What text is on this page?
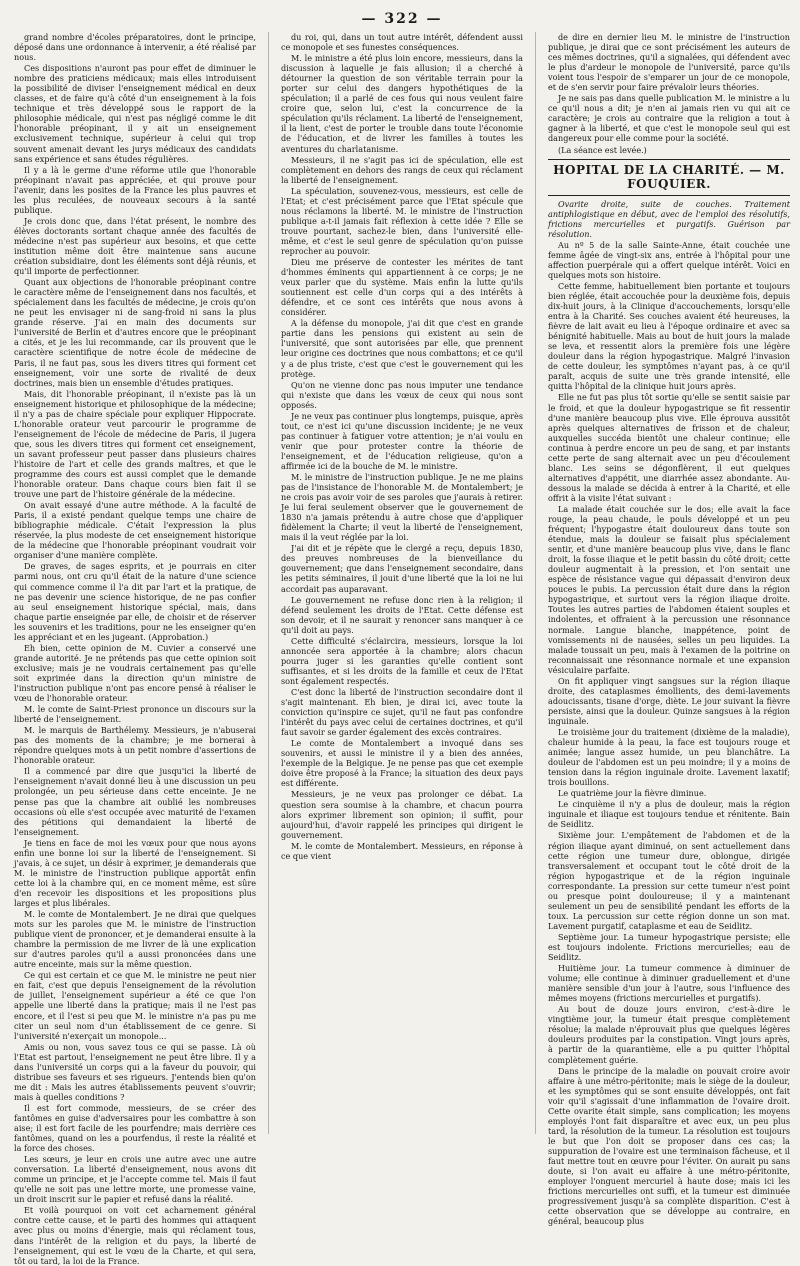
— 322 —

grand nombre d'écoles préparatoires, dont le principe, déposé dans une ordonnance à intervenir, a été réalisé par nous.

Ces dispositions n'auront pas pour effet de diminuer le nombre des praticiens médicaux; mais elles introduisent la possibilité de diviser l'enseignement médical en deux classes, et de faire qu'à côté d'un enseignement à la fois technique et très développé sous le rapport de la philosophie médicale, qui n'est pas négligé comme le dit l'honorable préopinant, il y ait un enseignement exclusivement technique, supérieur à celui qui trop souvent amenait devant les jurys médicaux des candidats sans expérience et sans études régulières.

Il y a là le germe d'une réforme utile que l'honorable préopinant n'avait pas appréciée, et qui prouve pour l'avenir, dans les posites de la France les plus pauvres et les plus reculées, de nouveaux secours à la santé publique.

Je crois donc que, dans l'état présent, le nombre des élèves doctorants sortant chaque année des facultés de médecine n'est pas supérieur aux besoins, et que cette institution même doit être maintenue sans aucune création subsidiaire, dont les éléments sont déjà réunis, et qu'il importe de perfectionner.

Quant aux objections de l'honorable préopinant contre le caractère même de l'enseignement dans nos facultés, et spécialement dans les facultés de médecine, je crois qu'on ne peut les envisager ni de sang-froid ni sans la plus grande réserve. J'ai en main des documents sur l'université de Berlin et d'autres encore que le préopinant a cités, et je les lui recommande, car ils prouvent que le caractère scientifique de notre école de médecine de Paris, il ne faut pas, sous les divers titres qui forment cet enseignement, voir une sorte de rivalité de deux doctrines, mais bien un ensemble d'études pratiques.

Mais, dit l'honorable préopinant, il n'existe pas là un enseignement historique et philosophique de la médecine; il n'y a pas de chaire spéciale pour expliquer Hippocrate. L'honorable orateur veut parcourir le programme de l'enseignement de l'école de médecine de Paris, il jugera que, sous les divers titres qui forment cet enseignement, un savant professeur peut passer dans plusieurs chaires l'histoire de l'art et celle des grands maîtres, et que le programme des cours est aussi complet que le demande l'honorable orateur. Dans chaque cours bien fait il se trouve une part de l'histoire générale de la médecine.

On avait essayé d'une autre méthode. A la faculté de Paris, il a existé pendant quelque temps une chaire de bibliographie médicale. C'était l'expression la plus réservée, la plus modeste de cet enseignement historique de la médecine que l'honorable préopinant voudrait voir organiser d'une manière complète.

De graves, de sages esprits, et je pourrais en citer parmi nous, ont cru qu'il était de la nature d'une science qui commence comme il l'a dit par l'art et la pratique, de ne pas devenir une science historique, de ne pas confier au seul enseignement historique spécial, mais, dans chaque partie enseignée par elle, de choisir et de réserver les souvenirs et les traditions, pour ne les enseigner qu'en les appréciant et en les jugeant. (Approbation.)

Eh bien, cette opinion de M. Cuvier a conservé une grande autorité. Je ne prétends pas que cette opinion soit exclusive; mais je ne voudrais certainement pas qu'elle soit exprimée dans la direction qu'un ministre de l'instruction publique n'ont pas encore pensé à réaliser le vœu de l'honorable orateur.

M. le comte de Saint-Priest prononce un discours sur la liberté de l'enseignement.

M. le marquis de Barthélemy. Messieurs, je n'abuserai pas des moments de la chambre; je me bornerai à répondre quelques mots à un petit nombre d'assertions de l'honorable orateur.

Il a commencé par dire que jusqu'ici la liberté de l'enseignement n'avait donné lieu à une discussion un peu prolongée, un peu sérieuse dans cette enceinte. Je ne pense pas que la chambre ait oublié les nombreuses occasions où elle s'est occupée avec maturité de l'examen des pétitions qui demandaient la liberté de l'enseignement.

Je tiens en face de moi les vœux pour que nous ayons enfin une bonne loi sur la liberté de l'enseignement. Si j'avais, à ce sujet, un désir à exprimer, je demanderais que M. le ministre de l'instruction publique apportât enfin cette loi à la chambre qui, en ce moment même, est sûre d'en recevoir les dispositions et les propositions plus larges et plus libérales.

M. le comte de Montalembert. Je ne dirai que quelques mots sur les paroles que M. le ministre de l'instruction publique vient de prononcer, et je demanderai ensuite à la chambre la permission de me livrer de là une explication sur d'autres paroles qu'il a aussi prononcées dans une autre enceinte, mais sur la même question.

Ce qui est certain et ce que M. le ministre ne peut nier en fait, c'est que depuis l'enseignement de la révolution de juillet, l'enseignement supérieur a été ce que l'on appelle une liberté dans la pratique; mais il ne l'est pas encore, et il l'est si peu que M. le ministre n'a pas pu me citer un seul nom d'un établissement de ce genre. Si l'université n'exerçait un monopole...

Amis ou non, vous savez tous ce qui se passe. Là où l'Etat est partout, l'enseignement ne peut être libre. Il y a dans l'université un corps qui a la faveur du pouvoir, qui distribue ses faveurs et ses rigueurs. J'entends bien qu'on me dit : Mais les autres établissements peuvent s'ouvrir; mais à quelles conditions ?

Il est fort commode, messieurs, de se créer des fantômes en guise d'adversaires pour les combattre à son aise; il est fort facile de les pourfendre; mais derrière ces fantômes, quand on les a pourfendus, il reste la réalité et la force des choses.

Les sœurs, je leur en crois une autre avec une autre conversation. La liberté d'enseignement, nous avons dit comme un principe, et je l'accepte comme tel. Mais il faut qu'elle ne soit pas une lettre morte, une promesse vaine, un droit inscrit sur le papier et refusé dans la réalité.

Et voilà pourquoi on voit cet acharnement général contre cette cause, et le parti des hommes qui attaquent avec plus ou moins d'énergie, mais qui réclament tous, dans l'intérêt de la religion et du pays, la liberté de l'enseignement, qui est le vœu de la Charte, et qui sera, tôt ou tard, la loi de la France.

du roi, qui, dans un tout autre intérêt, défendent aussi ce monopole et ses funestes conséquences.

M. le ministre a été plus loin encore, messieurs, dans la discussion à laquelle je fais allusion; il a cherché à détourner la question de son véritable terrain pour la porter sur celui des dangers hypothétiques de la spéculation; il a parlé de ces fous qui nous veulent faire croire que, selon lui, c'est la concurrence de la spéculation qu'ils réclament. La liberté de l'enseignement, il la lient, c'est de porter le trouble dans toute l'économie de l'éducation, et de livrer les familles à toutes les aventures du charlatanisme.

Messieurs, il ne s'agit pas ici de spéculation, elle est complètement en dehors des rangs de ceux qui réclament la liberté de l'enseignement.

La spéculation, souvenez-vous, messieurs, est celle de l'Etat; et c'est précisément parce que l'Etat spécule que nous réclamons la liberté. M. le ministre de l'instruction publique a-t-il jamais fait réflexion à cette idée ? Elle se trouve pourtant, sachez-le bien, dans l'université elle-même, et c'est le seul genre de spéculation qu'on puisse reprocher au pouvoir.

Dieu me préserve de contester les mérites de tant d'hommes éminents qui appartiennent à ce corps; je ne veux parler que du système. Mais enfin la lutte qu'ils soutiennent est celle d'un corps qui a des intérêts à défendre, et ce sont ces intérêts que nous avons à considérer.

A la défense du monopole, j'ai dit que c'est en grande partie dans les pensions qui existent au sein de l'université, que sont autorisées par elle, que prennent leur origine ces doctrines que nous combattons; et ce qu'il y a de plus triste, c'est que c'est le gouvernement qui les protège.

Qu'on ne vienne donc pas nous imputer une tendance qui n'existe que dans les vœux de ceux qui nous sont opposés.

Je ne veux pas continuer plus longtemps, puisque, après tout, ce n'est ici qu'une discussion incidente; je ne veux pas continuer à fatiguer votre attention; je n'ai voulu en venir que pour protester contre la théorie de l'enseignement, et de l'éducation religieuse, qu'on a affirmée ici de la bouche de M. le ministre.

M. le ministre de l'instruction publique. Je ne me plains pas de l'insistance de l'honorable M. de Montalembert; je ne crois pas avoir voir de ses paroles que j'aurais à retirer. Je lui ferai seulement observer que le gouvernement de 1830 n'a jamais prétendu à autre chose que d'appliquer fidèlement la Charte; il veut la liberté de l'enseignement, mais il la veut réglée par la loi.

J'ai dit et je répète que le clergé a reçu, depuis 1830, des preuves nombreuses de la bienveillance du gouvernement; que dans l'enseignement secondaire, dans les petits séminaires, il jouit d'une liberté que la loi ne lui accordait pas auparavant.

Le gouvernement ne refuse donc rien à la religion; il défend seulement les droits de l'Etat. Cette défense est son devoir, et il ne saurait y renoncer sans manquer à ce qu'il doit au pays.

Cette difficulté s'éclaircira, messieurs, lorsque la loi annoncée sera apportée à la chambre; alors chacun pourra juger si les garanties qu'elle contient sont suffisantes, et si les droits de la famille et ceux de l'Etat sont également respectés.

C'est donc la liberté de l'instruction secondaire dont il s'agit maintenant. Eh bien, je dirai ici, avec toute la conviction qu'inspire ce sujet, qu'il ne faut pas confondre l'intérêt du pays avec celui de certaines doctrines, et qu'il faut savoir se garder également des excès contraires.

Le comte de Montalembert a invoqué dans ses souvenirs, et aussi le ministre il y a bien des années, l'exemple de la Belgique. Je ne pense pas que cet exemple doive être proposé à la France; la situation des deux pays est différente.

Messieurs, je ne veux pas prolonger ce débat. La question sera soumise à la chambre, et chacun pourra alors exprimer librement son opinion; il suffit, pour aujourd'hui, d'avoir rappelé les principes qui dirigent le gouvernement.

M. le comte de Montalembert. Messieurs, en réponse à ce que vient

de dire en dernier lieu M. le ministre de l'instruction publique, je dirai que ce sont précisément les auteurs de ces mêmes doctrines, qu'il a signalées, qui défendent avec le plus d'ardeur le monopole de l'université, parce qu'ils voient tous l'espoir de s'emparer un jour de ce monopole, et de s'en servir pour faire prévaloir leurs théories.

Je ne sais pas dans quelle publication M. le ministre a lu ce qu'il nous a dit; je n'en ai jamais rien vu qui ait ce caractère; je crois au contraire que la religion a tout à gagner à la liberté, et que c'est le monopole seul qui est dangereux pour elle comme pour la société.

(La séance est levée.)

HOPITAL DE LA CHARITÉ. — M. FOUQUIER.

Ovarite droite, suite de couches. Traitement antiphlogistique en début, avec de l'emploi des résolutifs, frictions mercurielles et purgatifs. Guérison par résolution.

Au nº 5 de la salle Sainte-Anne, était couchée une femme âgée de vingt-six ans, entrée à l'hôpital pour une affection puerpérale qui a offert quelque intérêt. Voici en quelques mots son histoire.

Cette femme, habituellement bien portante et toujours bien réglée, était accouchée pour la deuxième fois, depuis dix-huit jours, à la Clinique d'accouchements, lorsqu'elle entra à la Charité. Ses couches avaient été heureuses, la fièvre de lait avait eu lieu à l'époque ordinaire et avec sa bénignité habituelle. Mais au bout de huit jours la malade se leva, et ressentit alors la première fois une légère douleur dans la région hypogastrique. Malgré l'invasion de cette douleur, les symptômes n'ayant pas, à ce qu'il paraît, acquis de suite une très grande intensité, elle quitta l'hôpital de la clinique huit jours après.

Elle ne fut pas plus tôt sortie qu'elle se sentit saisie par le froid, et que la douleur hypogastrique se fit ressentir d'une manière beaucoup plus vive. Elle éprouva aussitôt après quelques alternatives de frisson et de chaleur, auxquelles succéda bientôt une chaleur continue; elle continua à perdre encore un peu de sang, et par instants cette perte de sang alternait avec un peu d'écoulement blanc. Les seins se dégonflèrent, il eut quelques alternatives d'appétit, une diarrhée assez abondante. Au-dessous la malade se décida à entrer à la Charité, et elle offrit à la visite l'état suivant :

La malade était couchée sur le dos; elle avait la face rouge, la peau chaude, le pouls développé et un peu fréquent; l'hypogastre était douloureux dans toute son étendue, mais la douleur se faisait plus spécialement sentir, et d'une manière beaucoup plus vive, dans le flanc droit, la fosse iliaque et le petit bassin du côté droit; cette douleur augmentait à la pression, et l'on sentait une espèce de résistance vague qui dépassait d'environ deux pouces le pubis. La percussion était dure dans la région hypogastrique, et surtout vers la région iliaque droite. Toutes les autres parties de l'abdomen étaient souples et indolentes, et offraient à la percussion une résonnance normale. Langue blanche, inappétence, point de vomissements ni de nausées, selles un peu liquides. La malade toussait un peu, mais à l'examen de la poitrine on reconnaissait une résonnance normale et une expansion vésiculaire parfaite.

On fit appliquer vingt sangsues sur la région iliaque droite, des cataplasmes émollients, des demi-lavements adoucissants, tisane d'orge, diète. Le jour suivant la fièvre persiste, ainsi que la douleur. Quinze sangsues à la région inguinale.

Le troisième jour du traitement (dixième de la maladie), chaleur humide à la peau, la face est toujours rouge et animée; langue assez humide, un peu blanchâtre. La douleur de l'abdomen est un peu moindre; il y a moins de tension dans la région inguinale droite. Lavement laxatif; trois bouillons.

Le quatrième jour la fièvre diminue.

Le cinquième il n'y a plus de douleur, mais la région inguinale et iliaque est toujours tendue et rénitente. Bain de Seidlitz.

Sixième jour. L'empâtement de l'abdomen et de la région iliaque ayant diminué, on sent actuellement dans cette région une tumeur dure, oblongue, dirigée transversalement et occupant tout le côté droit de la région hypogastrique et de la région inguinale correspondante. La pression sur cette tumeur n'est point ou presque point douloureuse; il y a maintenant seulement un peu de sensibilité pendant les efforts de la toux. La percussion sur cette région donne un son mat. Lavement purgatif, cataplasme et eau de Seidlitz.

Septième jour. La tumeur hypogastrique persiste; elle est toujours indolente. Frictions mercurielles; eau de Seidlitz.

Huitième jour. La tumeur commence à diminuer de volume; elle continue à diminuer graduellement et d'une manière sensible d'un jour à l'autre, sous l'influence des mêmes moyens (frictions mercurielles et purgatifs).

Au bout de douze jours environ, c'est-à-dire le vingtième jour, la tumeur était presque complètement résolue; la malade n'éprouvait plus que quelques légères douleurs produites par la constipation. Vingt jours après, à partir de la quarantième, elle a pu quitter l'hôpital complètement guérie.

Dans le principe de la maladie on pouvait croire avoir affaire à une métro-péritonite; mais le siège de la douleur, et les symptômes qui se sont ensuite développés, ont fait voir qu'il s'agissait d'une inflammation de l'ovaire droit. Cette ovarite était simple, sans complication; les moyens employés l'ont fait disparaître et avec eux, un peu plus tard, la résolution de la tumeur. La résolution est toujours le but que l'on doit se proposer dans ces cas; la suppuration de l'ovaire est une terminaison fâcheuse, et il faut mettre tout en œuvre pour l'éviter. On aurait pu sans doute, si l'on avait eu affaire à une métro-péritonite, employer l'onguent mercuriel à haute dose; mais ici les frictions mercurielles ont suffi, et la tumeur est diminuée progressivement jusqu'à sa complète disparition. C'est à cette observation que se développe au contraire, en général, beaucoup plus
